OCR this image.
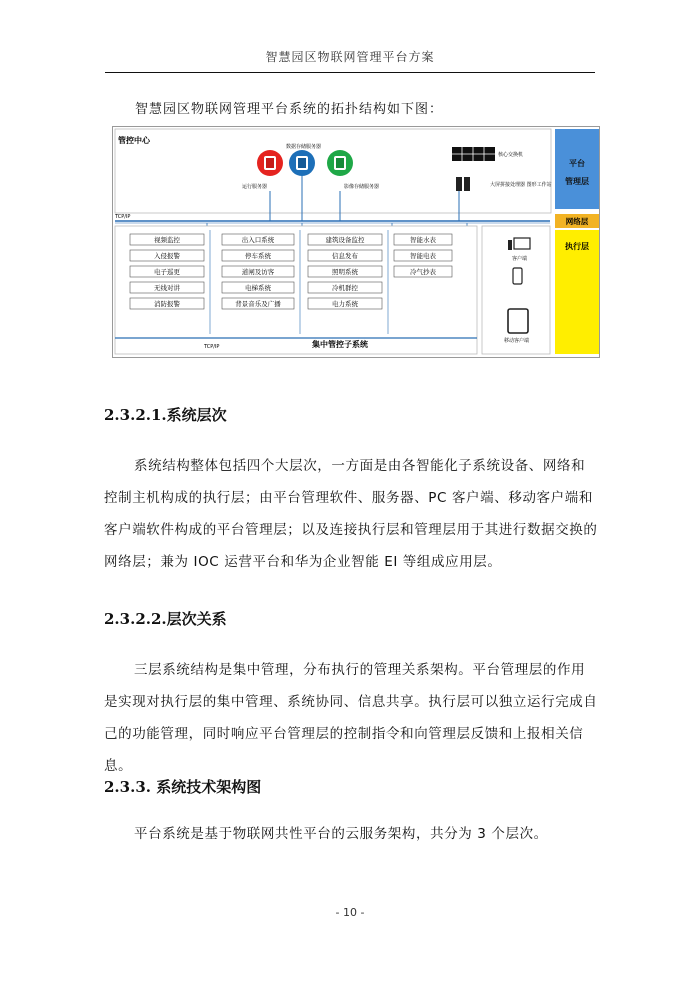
智慧园区物联网管理平台方案
智慧园区物联网管理平台系统的拓扑结构如下图：
管控中心
数据存储服务器
运行服务器	影像存储服务器
核心交换机
大屏拼接处理器 图形工作站
TCP/IP
视频监控
入侵报警
电子巡更
无线对讲
消防报警
出入口系统
停车系统
道闸及访客
电梯系统
背景音乐及广播
建筑设备监控
信息发布
照明系统
冷机群控
电力系统
智能水表
智能电表
冷气抄表
TCP/IP	集中管控子系统
客户端
移动客户端
平台
管理层
网络层
执行层
2.3.2.1.系统层次
系统结构整体包括四个大层次，一方面是由各智能化子系统设备、网络和控制主机构成的执行层；由平台管理软件、服务器、PC 客户端、移动客户端和客户端软件构成的平台管理层；以及连接执行层和管理层用于其进行数据交换的网络层；兼为 IOC 运营平台和华为企业智能 EI 等组成应用层。
2.3.2.2.层次关系
三层系统结构是集中管理，分布执行的管理关系架构。平台管理层的作用是实现对执行层的集中管理、系统协同、信息共享。执行层可以独立运行完成自己的功能管理，同时响应平台管理层的控制指令和向管理层反馈和上报相关信息。
2.3.3. 系统技术架构图
平台系统是基于物联网共性平台的云服务架构，共分为 3 个层次。
- 10 -
